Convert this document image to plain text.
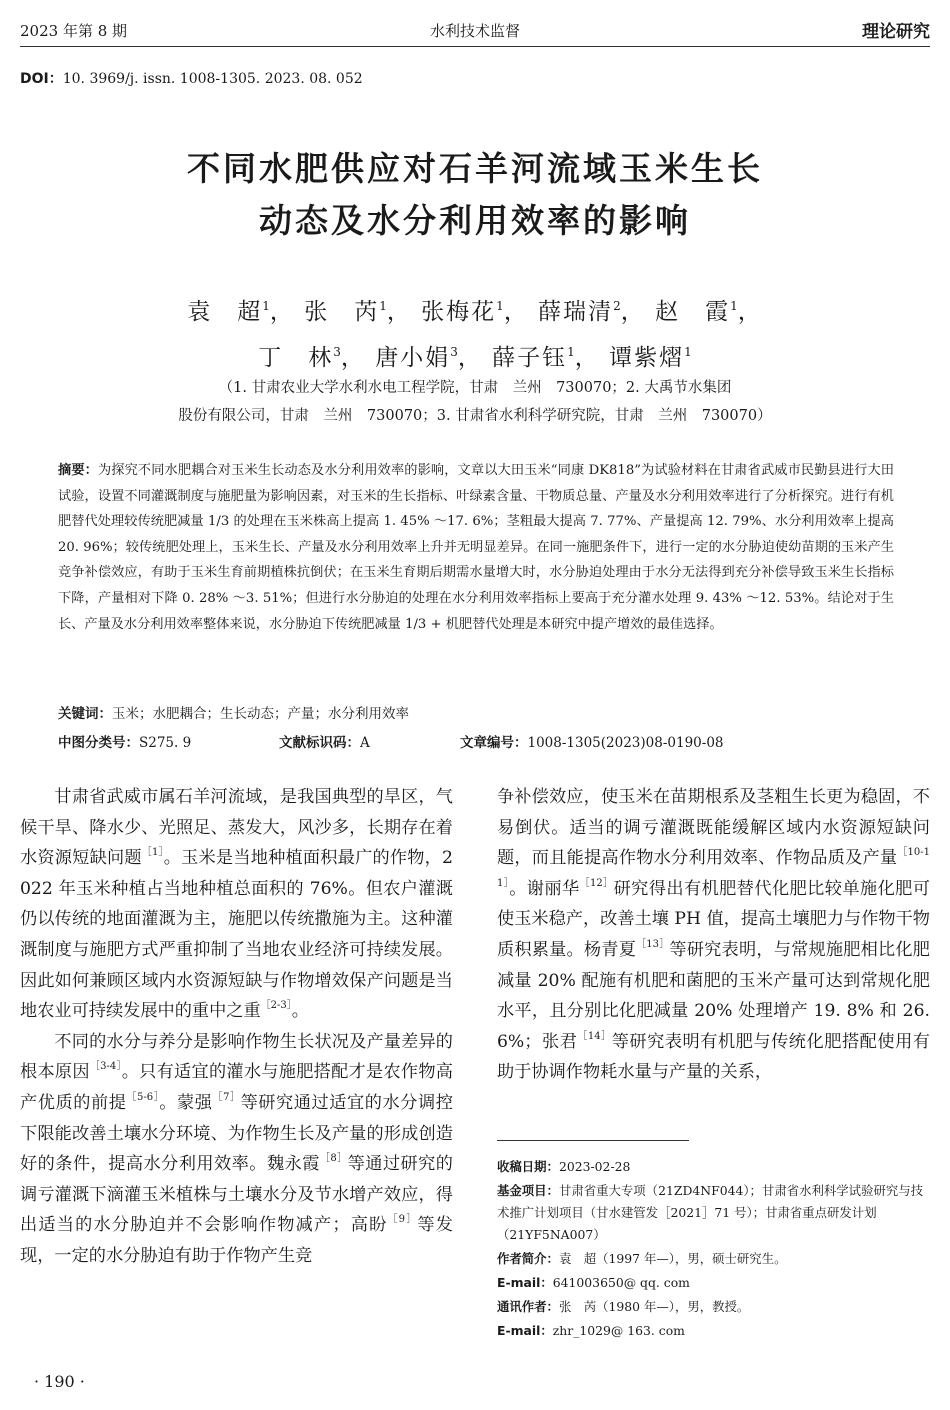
2023 年第 8 期	水利技术监督	理论研究
DOI：10. 3969/j. issn. 1008-1305. 2023. 08. 052
不同水肥供应对石羊河流域玉米生长
动态及水分利用效率的影响
袁　超$^1$， 张　芮$^1$， 张梅花$^1$， 薛瑞清$^2$， 赵　霞$^1$，
丁　林$^3$， 唐小娟$^3$， 薛子钰$^1$， 谭紫熠$^1$
（1. 甘肃农业大学水利水电工程学院，甘肃　兰州　730070；2. 大禹节水集团
股份有限公司，甘肃　兰州　730070；3. 甘肃省水利科学研究院，甘肃　兰州　730070）
摘要：为探究不同水肥耦合对玉米生长动态及水分利用效率的影响，文章以大田玉米“同康 DK818”为试验材料在甘肃省武威市民勤县进行大田试验，设置不同灌溉制度与施肥量为影响因素，对玉米的生长指标、叶绿素含量、干物质总量、产量及水分利用效率进行了分析探究。进行有机肥替代处理较传统肥减量 1/3 的处理在玉米株高上提高 1. 45% ～17. 6%；茎粗最大提高 7. 77%、产量提高 12. 79%、水分利用效率上提高 20. 96%；较传统肥处理上，玉米生长、产量及水分利用效率上升并无明显差异。在同一施肥条件下，进行一定的水分胁迫使幼苗期的玉米产生竞争补偿效应，有助于玉米生育前期植株抗倒伏；在玉米生育期后期需水量增大时，水分胁迫处理由于水分无法得到充分补偿导致玉米生长指标下降，产量相对下降 0. 28% ～3. 51%；但进行水分胁迫的处理在水分利用效率指标上要高于充分灌水处理 9. 43% ～12. 53%。结论对于生长、产量及水分利用效率整体来说，水分胁迫下传统肥减量 1/3 + 机肥替代处理是本研究中提产增效的最佳选择。
关键词：玉米；水肥耦合；生长动态；产量；水分利用效率
中图分类号：S275. 9	文献标识码：A	文章编号：1008-1305(2023)08-0190-08

甘肃省武威市属石羊河流域，是我国典型的旱区，气候干旱、降水少、光照足、蒸发大，风沙多，长期存在着水资源短缺问题$^{[1]}$。玉米是当地种植面积最广的作物，2022 年玉米种植占当地种植总面积的 76%。但农户灌溉仍以传统的地面灌溉为主，施肥以传统撒施为主。这种灌溉制度与施肥方式严重抑制了当地农业经济可持续发展。因此如何兼顾区域内水资源短缺与作物增效保产问题是当地农业可持续发展中的重中之重$^{[2-3]}$。

不同的水分与养分是影响作物生长状况及产量差异的根本原因$^{[3-4]}$。只有适宜的灌水与施肥搭配才是农作物高产优质的前提$^{[5-6]}$。蒙强$^{[7]}$等研究通过适宜的水分调控下限能改善土壤水分环境、为作物生长及产量的形成创造好的条件，提高水分利用效率。魏永霞$^{[8]}$等通过研究的调亏灌溉下滴灌玉米植株与土壤水分及节水增产效应，得出适当的水分胁迫并不会影响作物减产；高盼$^{[9]}$等发现，一定的水分胁迫有助于作物产生竞

争补偿效应，使玉米在苗期根系及茎粗生长更为稳固，不易倒伏。适当的调亏灌溉既能缓解区域内水资源短缺问题，而且能提高作物水分利用效率、作物品质及产量$^{[10-11]}$。谢丽华$^{[12]}$研究得出有机肥替代化肥比较单施化肥可使玉米稳产，改善土壤 PH 值，提高土壤肥力与作物干物质积累量。杨青夏$^{[13]}$等研究表明，与常规施肥相比化肥减量 20% 配施有机肥和菌肥的玉米产量可达到常规化肥水平，且分别比化肥减量 20% 处理增产 19. 8% 和 26. 6%；张君$^{[14]}$等研究表明有机肥与传统化肥搭配使用有助于协调作物耗水量与产量的关系，

收稿日期：2023-02-28
基金项目：甘肃省重大专项（21ZD4NF044）；甘肃省水利科学试验研究与技术推广计划项目（甘水建管发［2021］71 号）；甘肃省重点研发计划（21YF5NA007）
作者简介：袁　超（1997 年—），男，硕士研究生。
E-mail：641003650@ qq. com
通讯作者：张　芮（1980 年—），男，教授。
E-mail：zhr_1029@ 163. com
· 190 ·
